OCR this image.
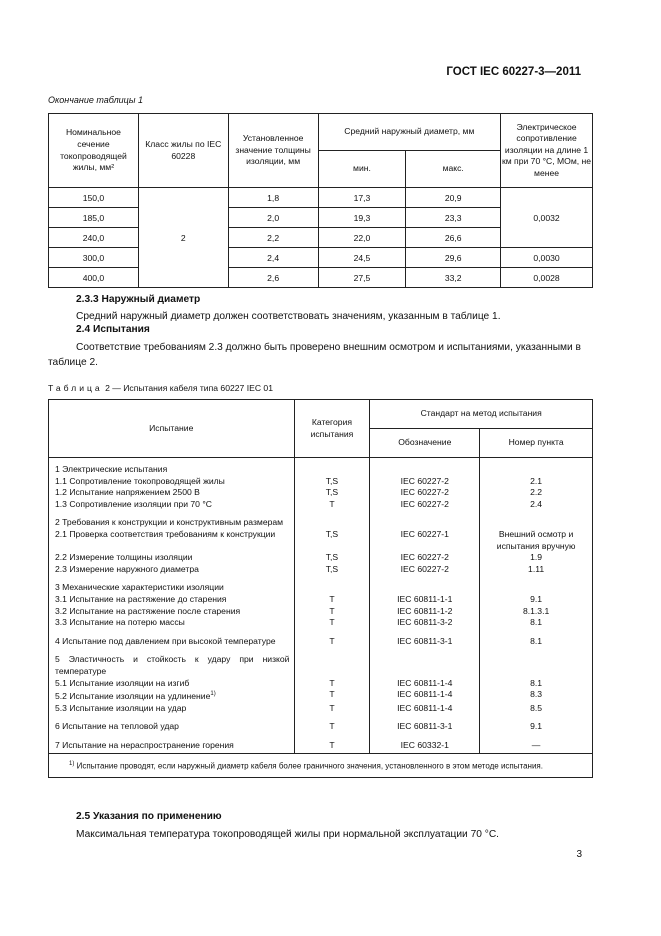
ГОСТ IEC 60227-3—2011
Окончание таблицы 1
Номинальное сечение токопроводящей жилы, мм²	Класс жилы по IEC 60228	Установленное значение толщины изоляции, мм	Средний наружный диаметр, мм		Электрическое сопротивление изоляции на длине 1 км при 70 °С, МОм, не менее
			мин.	макс.	
150,0	2	1,8	17,3	20,9	0,0032
185,0		2,0	19,3	23,3	
240,0		2,2	22,0	26,6	
300,0		2,4	24,5	29,6	0,0030
400,0		2,6	27,5	33,2	0,0028
2.3.3 Наружный диаметр
Средний наружный диаметр должен соответствовать значениям, указанным в таблице 1.
2.4 Испытания
Соответствие требованиям 2.3 должно быть проверено внешним осмотром и испытаниями, указанными в таблице 2.
Таблица 2 — Испытания кабеля типа 60227 IEC 01
Испытание	Категория испытания	Стандарт на метод испытания	
		Обозначение	Номер пункта

1 Электрические испытания			
1.1 Сопротивление токопроводящей жилы	Т,S	IEC 60227-2	2.1
1.2 Испытание напряжением 2500 В	Т,S	IEC 60227-2	2.2
1.3 Сопротивление изоляции при 70 °С	Т	IEC 60227-2	2.4

2 Требования к конструкции и конструктивным размерам			
2.1 Проверка соответствия требованиям к конструкции	Т,S	IEC 60227-1	Внешний осмотр и испытания вручную
2.2 Измерение толщины изоляции	Т,S	IEC 60227-2	1.9
2.3 Измерение наружного диаметра	Т,S	IEC 60227-2	1.11

3 Механические характеристики изоляции			
3.1 Испытание на растяжение до старения	Т	IEC 60811-1-1	9.1
3.2 Испытание на растяжение после старения	Т	IEC 60811-1-2	8.1.3.1
3.3 Испытание на потерю массы	Т	IEC 60811-3-2	8.1

4 Испытание под давлением при высокой температуре	Т	IEC 60811-3-1	8.1

5 Эластичность и стойкость к удару при низкой температуре			
5.1 Испытание изоляции на изгиб	Т	IEC 60811-1-4	8.1
5.2 Испытание изоляции на удлинение$^{1)}$	Т	IEC 60811-1-4	8.3
5.3 Испытание изоляции на удар	Т	IEC 60811-1-4	8.5

6 Испытание на тепловой удар	Т	IEC 60811-3-1	9.1

7 Испытание на нераспространение горения	Т	IEC 60332-1	—
$^{1)}$ Испытание проводят, если наружный диаметр кабеля более граничного значения, установленного в этом методе испытания.			
2.5 Указания по применению
Максимальная температура токопроводящей жилы при нормальной эксплуатации 70 °С.
3
